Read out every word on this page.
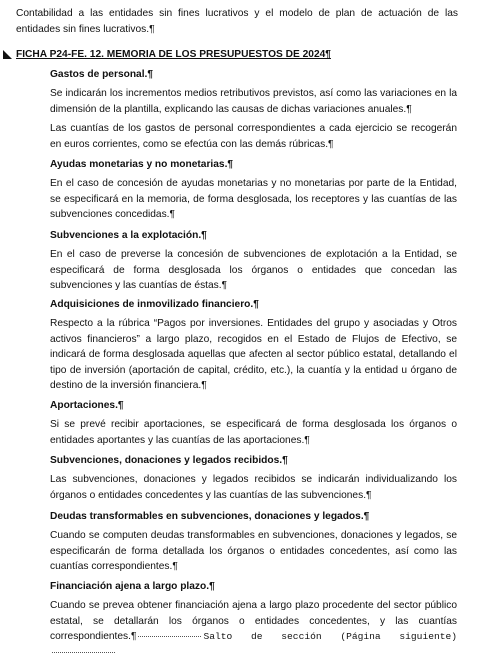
Contabilidad a las entidades sin fines lucrativos y el modelo de plan de actuación de las entidades sin fines lucrativos.¶

FICHA P24-FE. 12. MEMORIA DE LOS PRESUPUESTOS DE 2024¶

Gastos de personal.¶

Se indicarán los incrementos medios retributivos previstos, así como las variaciones en la dimensión de la plantilla, explicando las causas de dichas variaciones anuales.¶

Las cuantías de los gastos de personal correspondientes a cada ejercicio se recogerán en euros corrientes, como se efectúa con las demás rúbricas.¶

Ayudas monetarias y no monetarias.¶

En el caso de concesión de ayudas monetarias y no monetarias por parte de la Entidad, se especificará en la memoria, de forma desglosada, los receptores y las cuantías de las subvenciones concedidas.¶

Subvenciones a la explotación.¶

En el caso de preverse la concesión de subvenciones de explotación a la Entidad, se especificará de forma desglosada los órganos o entidades que concedan las subvenciones y las cuantías de éstas.¶

Adquisiciones de inmovilizado financiero.¶

Respecto a la rúbrica “Pagos por inversiones. Entidades del grupo y asociadas y Otros activos financieros” a largo plazo, recogidos en el Estado de Flujos de Efectivo, se indicará de forma desglosada aquellas que afecten al sector público estatal, detallando el tipo de inversión (aportación de capital, crédito, etc.), la cuantía y la entidad u órgano de destino de la inversión financiera.¶

Aportaciones.¶

Si se prevé recibir aportaciones, se especificará de forma desglosada los órganos o entidades aportantes y las cuantías de las aportaciones.¶

Subvenciones, donaciones y legados recibidos.¶

Las subvenciones, donaciones y legados recibidos se indicarán individualizando los órganos o entidades concedentes y las cuantías de las subvenciones.¶

Deudas transformables en subvenciones, donaciones y legados.¶

Cuando se computen deudas transformables en subvenciones, donaciones y legados, se especificarán de forma detallada los órganos o entidades concedentes, así como las cuantías correspondientes.¶

Financiación ajena a largo plazo.¶

Cuando se prevea obtener financiación ajena a largo plazo procedente del sector público estatal, se detallarán los órganos o entidades concedentes, y las cuantías correspondientes.¶	Salto de sección (Página siguiente)
